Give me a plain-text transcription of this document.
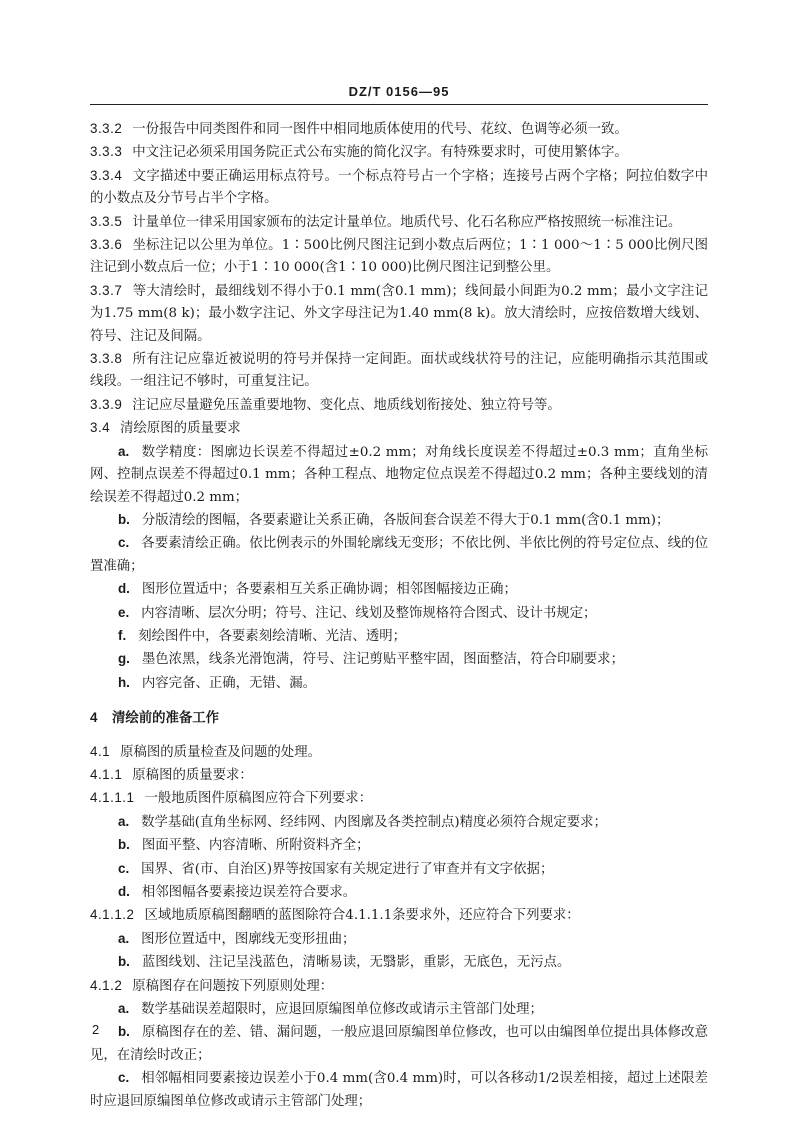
DZ/T 0156—95

3.3.2 一份报告中同类图件和同一图件中相同地质体使用的代号、花纹、色调等必须一致。

3.3.3 中文注记必须采用国务院正式公布实施的简化汉字。有特殊要求时，可使用繁体字。

3.3.4 文字描述中要正确运用标点符号。一个标点符号占一个字格；连接号占两个字格；阿拉伯数字中的小数点及分节号占半个字格。

3.3.5 计量单位一律采用国家颁布的法定计量单位。地质代号、化石名称应严格按照统一标准注记。

3.3.6 坐标注记以公里为单位。1∶500比例尺图注记到小数点后两位；1∶1 000～1∶5 000比例尺图注记到小数点后一位；小于1∶10 000(含1∶10 000)比例尺图注记到整公里。

3.3.7 等大清绘时，最细线划不得小于0.1 mm(含0.1 mm)；线间最小间距为0.2 mm；最小文字注记为1.75 mm(8 k)；最小数字注记、外文字母注记为1.40 mm(8 k)。放大清绘时，应按倍数增大线划、符号、注记及间隔。

3.3.8 所有注记应靠近被说明的符号并保持一定间距。面状或线状符号的注记，应能明确指示其范围或线段。一组注记不够时，可重复注记。

3.3.9 注记应尽量避免压盖重要地物、变化点、地质线划衔接处、独立符号等。

3.4 清绘原图的质量要求

a. 数学精度：图廓边长误差不得超过±0.2 mm；对角线长度误差不得超过±0.3 mm；直角坐标网、控制点误差不得超过0.1 mm；各种工程点、地物定位点误差不得超过0.2 mm；各种主要线划的清绘误差不得超过0.2 mm；

b. 分版清绘的图幅，各要素避让关系正确，各版间套合误差不得大于0.1 mm(含0.1 mm)；

c. 各要素清绘正确。依比例表示的外围轮廓线无变形；不依比例、半依比例的符号定位点、线的位置准确；

d. 图形位置适中；各要素相互关系正确协调；相邻图幅接边正确；

e. 内容清晰、层次分明；符号、注记、线划及整饰规格符合图式、设计书规定；

f. 刻绘图件中，各要素刻绘清晰、光洁、透明；

g. 墨色浓黑，线条光滑饱满，符号、注记剪贴平整牢固，图面整洁，符合印刷要求；

h. 内容完备、正确，无错、漏。

4 清绘前的准备工作

4.1 原稿图的质量检查及问题的处理。

4.1.1 原稿图的质量要求：

4.1.1.1 一般地质图件原稿图应符合下列要求：

a. 数学基础(直角坐标网、经纬网、内图廓及各类控制点)精度必须符合规定要求；

b. 图面平整、内容清晰、所附资料齐全；

c. 国界、省(市、自治区)界等按国家有关规定进行了审查并有文字依据；

d. 相邻图幅各要素接边误差符合要求。

4.1.1.2 区域地质原稿图翻晒的蓝图除符合4.1.1.1条要求外，还应符合下列要求：

a. 图形位置适中，图廓线无变形扭曲；

b. 蓝图线划、注记呈浅蓝色，清晰易读，无翳影，重影，无底色，无污点。

4.1.2 原稿图存在问题按下列原则处理：

a. 数学基础误差超限时，应退回原编图单位修改或请示主管部门处理；

b. 原稿图存在的差、错、漏问题，一般应退回原编图单位修改，也可以由编图单位提出具体修改意见，在清绘时改正；

c. 相邻幅相同要素接边误差小于0.4 mm(含0.4 mm)时，可以各移动1/2误差相接，超过上述限差时应退回原编图单位修改或请示主管部门处理；

2
